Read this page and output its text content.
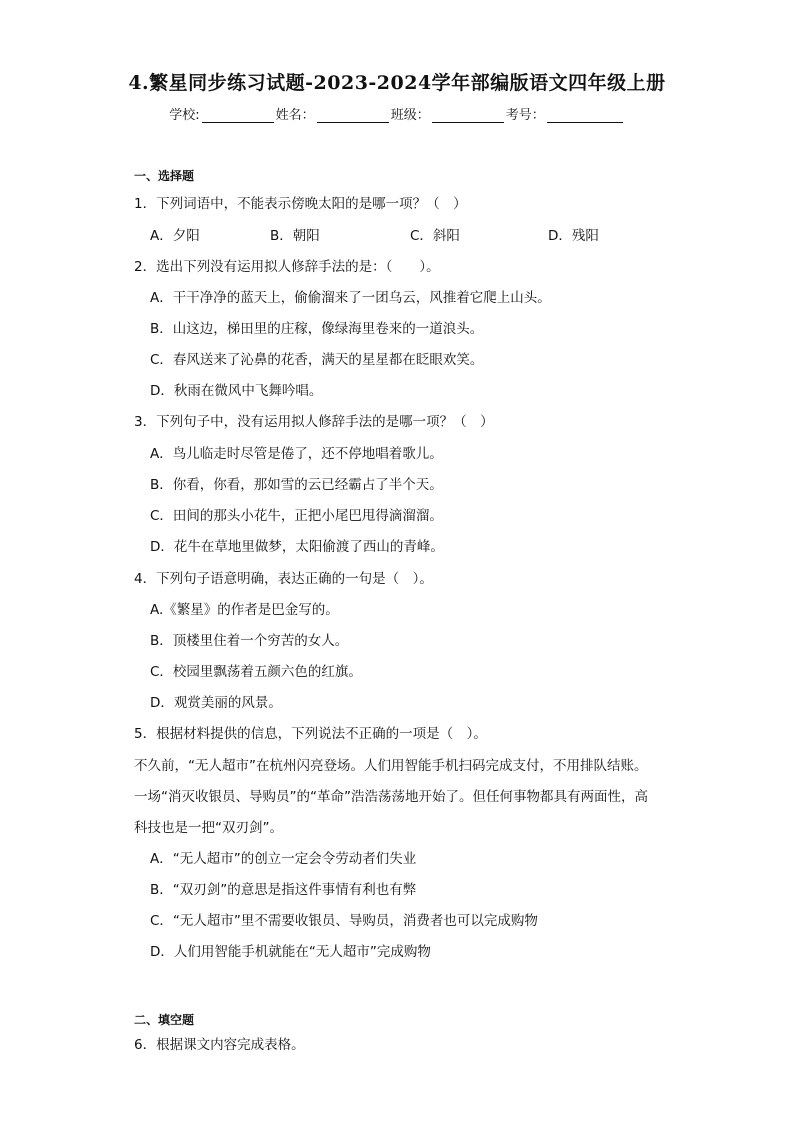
4.繁星同步练习试题-2023-2024学年部编版语文四年级上册
学校:	姓名：	班级：	考号：
一、选择题
1．下列词语中，不能表示傍晚太阳的是哪一项？（　）
A．夕阳	B．朝阳	C．斜阳	D．残阳
2．选出下列没有运用拟人修辞手法的是：（　　）。
A．干干净净的蓝天上，偷偷溜来了一团乌云，风推着它爬上山头。
B．山这边，梯田里的庄稼，像绿海里卷来的一道浪头。
C．春风送来了沁鼻的花香，满天的星星都在眨眼欢笑。
D．秋雨在微风中飞舞吟唱。
3．下列句子中，没有运用拟人修辞手法的是哪一项？（　）
A．鸟儿临走时尽管是倦了，还不停地唱着歌儿。
B．你看，你看，那如雪的云已经霸占了半个天。
C．田间的那头小花牛，正把小尾巴甩得滴溜溜。
D．花牛在草地里做梦，太阳偷渡了西山的青峰。
4．下列句子语意明确，表达正确的一句是（　）。
A.《繁星》的作者是巴金写的。
B．顶楼里住着一个穷苦的女人。
C．校园里飘荡着五颜六色的红旗。
D．观赏美丽的风景。
5．根据材料提供的信息，下列说法不正确的一项是（　）。
不久前，“无人超市”在杭州闪亮登场。人们用智能手机扫码完成支付，不用排队结账。
一场“消灭收银员、导购员”的“革命”浩浩荡荡地开始了。但任何事物都具有两面性，高
科技也是一把“双刃剑”。
A．“无人超市”的创立一定会令劳动者们失业
B．“双刃剑”的意思是指这件事情有利也有弊
C．“无人超市”里不需要收银员、导购员，消费者也可以完成购物
D．人们用智能手机就能在“无人超市”完成购物
二、填空题
6．根据课文内容完成表格。
